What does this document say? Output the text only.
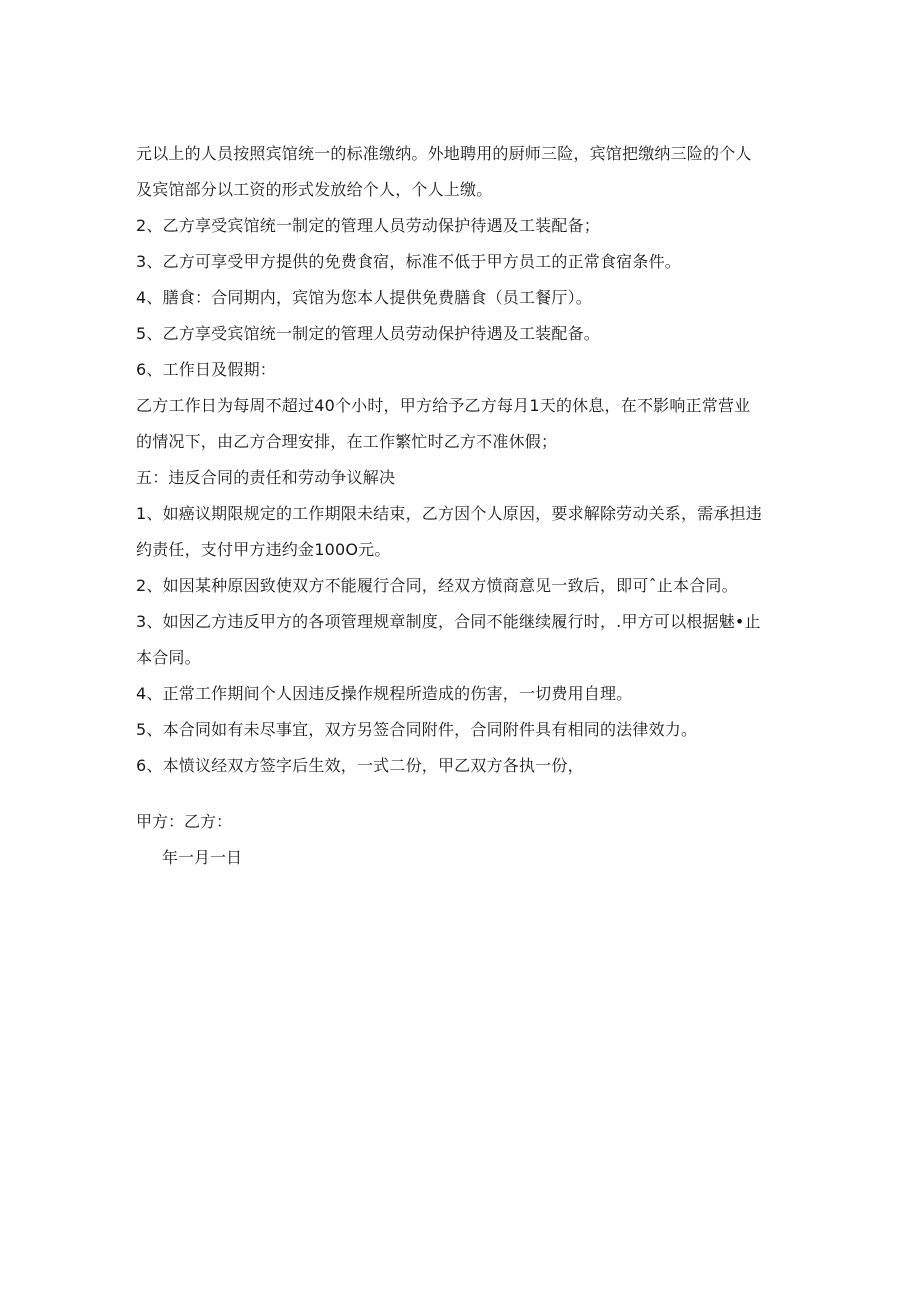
元以上的人员按照宾馆统一的标准缴纳。外地聘用的厨师三险，宾馆把缴纳三险的个人
及宾馆部分以工资的形式发放给个人，个人上缴。
2、乙方享受宾馆统一制定的管理人员劳动保护待遇及工装配备；
3、乙方可享受甲方提供的免费食宿，标准不低于甲方员工的正常食宿条件。
4、膳食：合同期内，宾馆为您本人提供免费膳食（员工餐厅）。
5、乙方享受宾馆统一制定的管理人员劳动保护待遇及工装配备。
6、工作日及假期：
乙方工作日为每周不超过40个小时，甲方给予乙方每月1天的休息，在不影响正常营业
的情况下，由乙方合理安排，在工作繁忙时乙方不准休假；
五：违反合同的责任和劳动争议解决
1、如癌议期限规定的工作期限未结束，乙方因个人原因，要求解除劳动关系，需承担违
约责任，支付甲方违约金100O元。
2、如因某种原因致使双方不能履行合同，经双方愤商意见一致后，即可ˆ止本合同。
3、如因乙方违反甲方的各项管理规章制度，合同不能继续履行时，.甲方可以根据魅•止
本合同。
4、正常工作期间个人因违反操作规程所造成的伤害，一切费用自理。
5、本合同如有未尽事宜，双方另签合同附件，合同附件具有相同的法律效力。
6、本愤议经双方签字后生效，一式二份，甲乙双方各执一份，
甲方：乙方：
年一月一日
